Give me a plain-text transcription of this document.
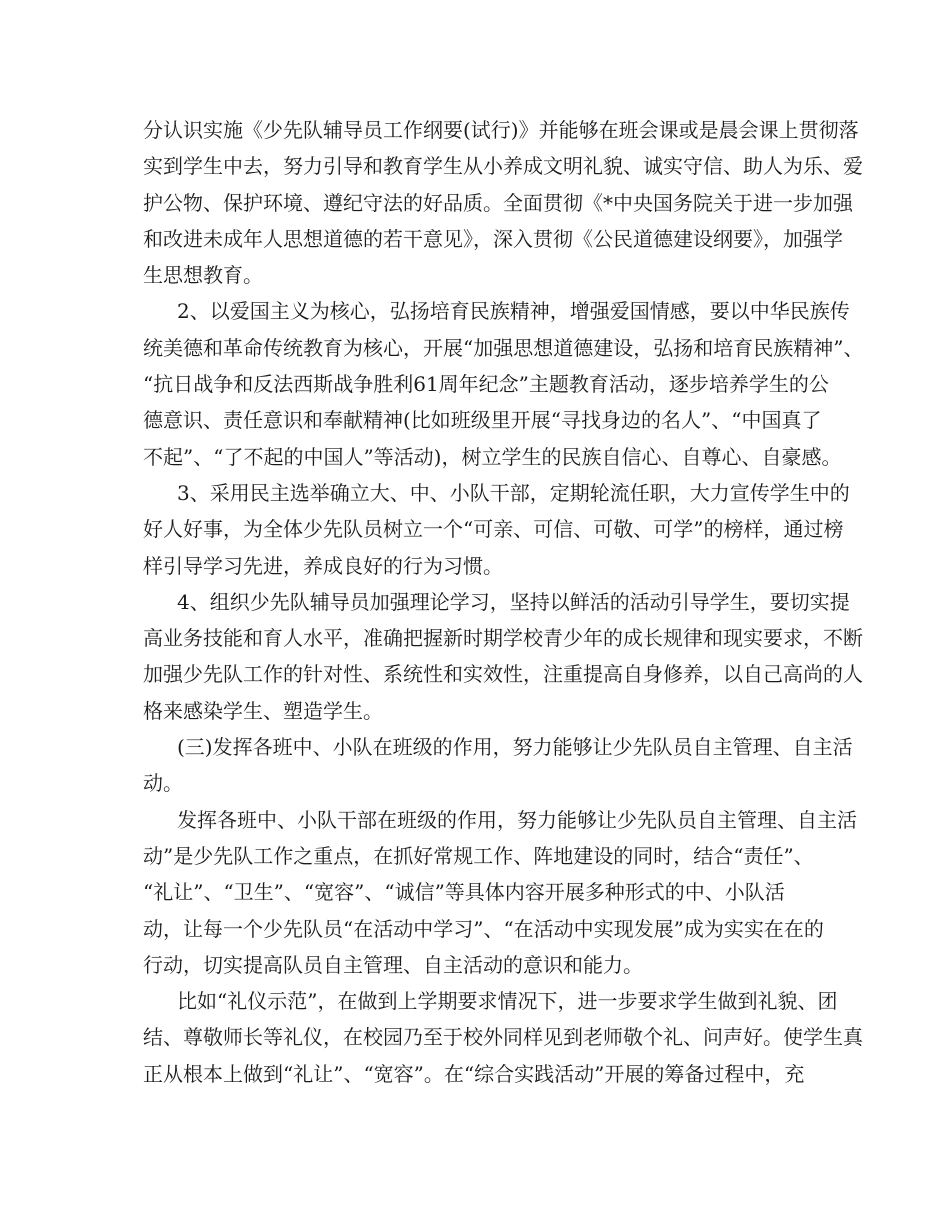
分认识实施《少先队辅导员工作纲要(试行)》并能够在班会课或是晨会课上贯彻落
实到学生中去，努力引导和教育学生从小养成文明礼貌、诚实守信、助人为乐、爱
护公物、保护环境、遵纪守法的好品质。全面贯彻《*中央国务院关于进一步加强
和改进未成年人思想道德的若干意见》，深入贯彻《公民道德建设纲要》，加强学
生思想教育。
2、以爱国主义为核心，弘扬培育民族精神，增强爱国情感，要以中华民族传
统美德和革命传统教育为核心，开展“加强思想道德建设，弘扬和培育民族精神”、
“抗日战争和反法西斯战争胜利61周年纪念”主题教育活动，逐步培养学生的公
德意识、责任意识和奉献精神(比如班级里开展“寻找身边的名人”、“中国真了
不起”、“了不起的中国人”等活动)，树立学生的民族自信心、自尊心、自豪感。
3、采用民主选举确立大、中、小队干部，定期轮流任职，大力宣传学生中的
好人好事，为全体少先队员树立一个“可亲、可信、可敬、可学”的榜样，通过榜
样引导学习先进，养成良好的行为习惯。
4、组织少先队辅导员加强理论学习，坚持以鲜活的活动引导学生，要切实提
高业务技能和育人水平，准确把握新时期学校青少年的成长规律和现实要求，不断
加强少先队工作的针对性、系统性和实效性，注重提高自身修养，以自己高尚的人
格来感染学生、塑造学生。
(三)发挥各班中、小队在班级的作用，努力能够让少先队员自主管理、自主活
动。
发挥各班中、小队干部在班级的作用，努力能够让少先队员自主管理、自主活
动”是少先队工作之重点，在抓好常规工作、阵地建设的同时，结合“责任”、
“礼让”、“卫生”、“宽容”、“诚信”等具体内容开展多种形式的中、小队活
动，让每一个少先队员“在活动中学习”、“在活动中实现发展”成为实实在在的
行动，切实提高队员自主管理、自主活动的意识和能力。
比如“礼仪示范”，在做到上学期要求情况下，进一步要求学生做到礼貌、团
结、尊敬师长等礼仪，在校园乃至于校外同样见到老师敬个礼、问声好。使学生真
正从根本上做到“礼让”、“宽容”。在“综合实践活动”开展的筹备过程中，充
